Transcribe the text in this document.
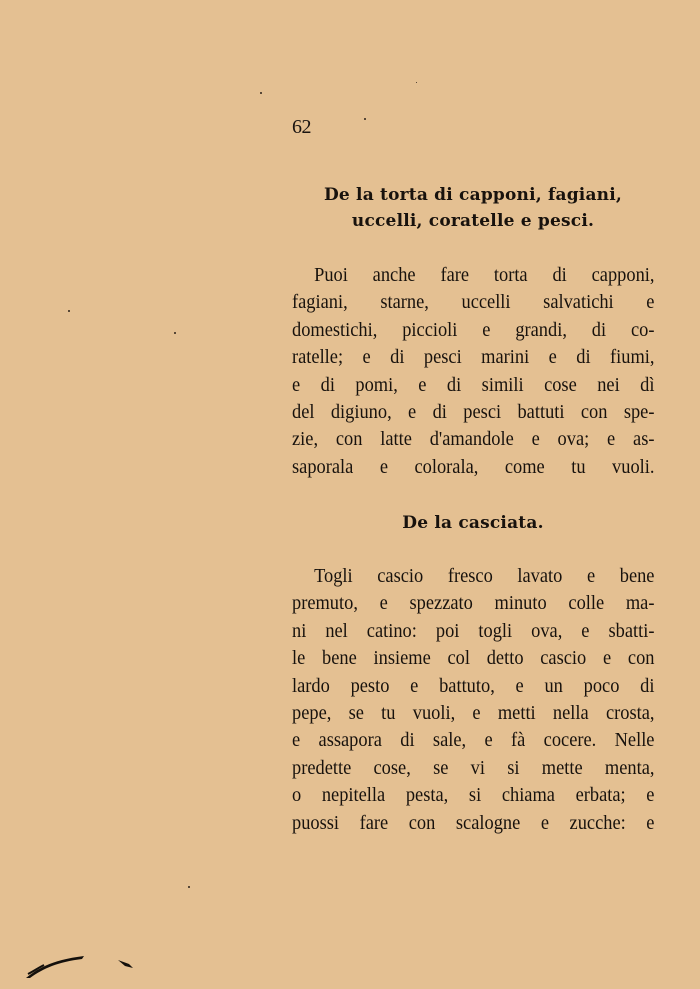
62
De la torta di capponi, fagiani,
uccelli, coratelle e pesci.
Puoi anche fare torta di capponi,
fagiani, starne, uccelli salvatichi e
domestichi, piccioli e grandi, di co-
ratelle; e di pesci marini e di fiumi,
e di pomi, e di simili cose nei dì
del digiuno, e di pesci battuti con spe-
zie, con latte d'amandole e ova; e as-
saporala e colorala, come tu vuoli.
De la casciata.
Togli cascio fresco lavato e bene
premuto, e spezzato minuto colle ma-
ni nel catino: poi togli ova, e sbatti-
le bene insieme col detto cascio e con
lardo pesto e battuto, e un poco di
pepe, se tu vuoli, e metti nella crosta,
e assapora di sale, e fà cocere. Nelle
predette cose, se vi si mette menta,
o nepitella pesta, si chiama erbata; e
puossi fare con scalogne e zucche: e
